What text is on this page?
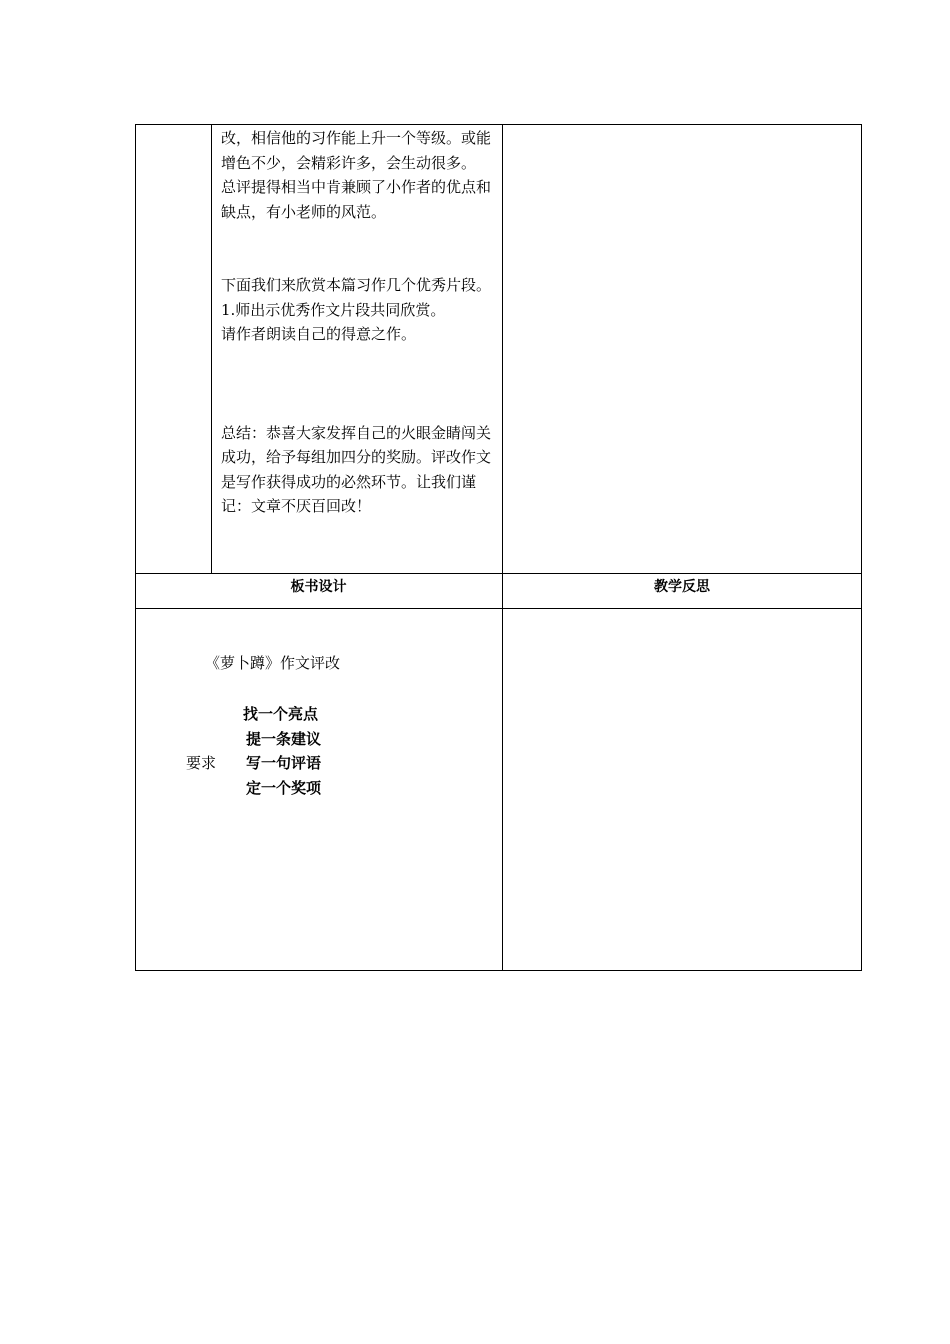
改，相信他的习作能上升一个等级。或能增色不少，会精彩许多，会生动很多。

总评提得相当中肯兼顾了小作者的优点和缺点，有小老师的风范。

下面我们来欣赏本篇习作几个优秀片段。

1.师出示优秀作文片段共同欣赏。

请作者朗读自己的得意之作。

总结：恭喜大家发挥自己的火眼金睛闯关成功，给予每组加四分的奖励。评改作文是写作获得成功的必然环节。让我们谨记：文章不厌百回改！

板书设计	教学反思
《萝卜蹲》作文评改
要求
找一个亮点
提一条建议
写一句评语
定一个奖项
